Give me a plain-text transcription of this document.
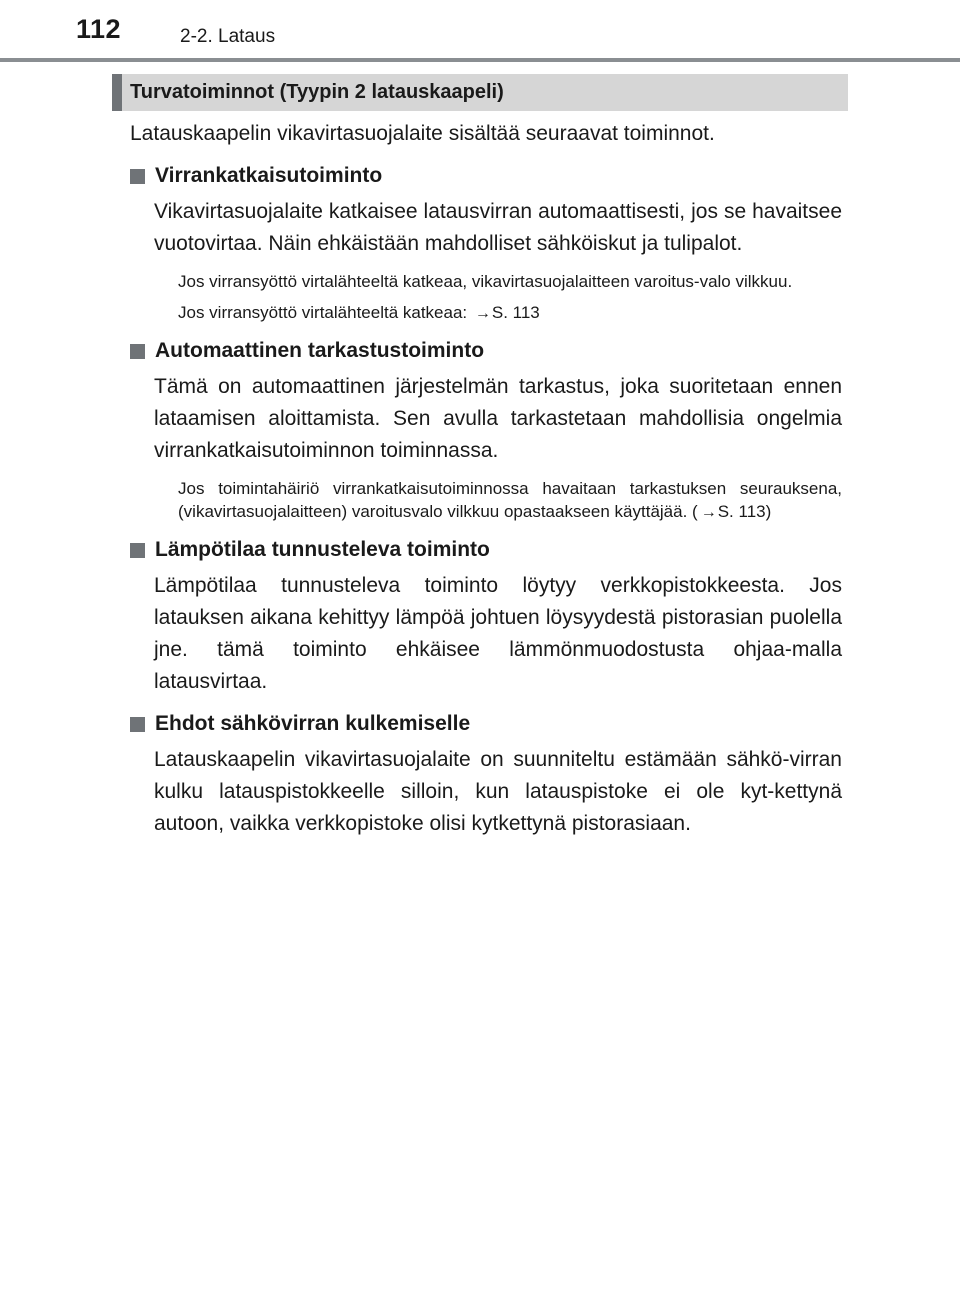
112	2-2. Lataus
Turvatoiminnot (Tyypin 2 latauskaapeli)

Latauskaapelin vikavirtasuojalaite sisältää seuraavat toiminnot.

Virrankatkaisutoiminto

Vikavirtasuojalaite katkaisee latausvirran automaattisesti, jos se havaitsee vuotovirtaa. Näin ehkäistään mahdolliset sähköiskut ja tulipalot.

Jos virransyöttö virtalähteeltä katkeaa, vikavirtasuojalaitteen varoitus-valo vilkkuu.

Jos virransyöttö virtalähteeltä katkeaa: →S. 113

Automaattinen tarkastustoiminto

Tämä on automaattinen järjestelmän tarkastus, joka suoritetaan ennen lataamisen aloittamista. Sen avulla tarkastetaan mahdollisia ongelmia virrankatkaisutoiminnon toiminnassa.

Jos toimintahäiriö virrankatkaisutoiminnossa havaitaan tarkastuksen seurauksena, (vikavirtasuojalaitteen) varoitusvalo vilkkuu opastaakseen käyttäjää. ( →S. 113)

Lämpötilaa tunnusteleva toiminto

Lämpötilaa tunnusteleva toiminto löytyy verkkopistokkeesta. Jos latauksen aikana kehittyy lämpöä johtuen löysyydestä pistorasian puolella jne. tämä toiminto ehkäisee lämmönmuodostusta ohjaa-malla latausvirtaa.

Ehdot sähkövirran kulkemiselle

Latauskaapelin vikavirtasuojalaite on suunniteltu estämään sähkö-virran kulku latauspistokkeelle silloin, kun latauspistoke ei ole kyt-kettynä autoon, vaikka verkkopistoke olisi kytkettynä pistorasiaan.
